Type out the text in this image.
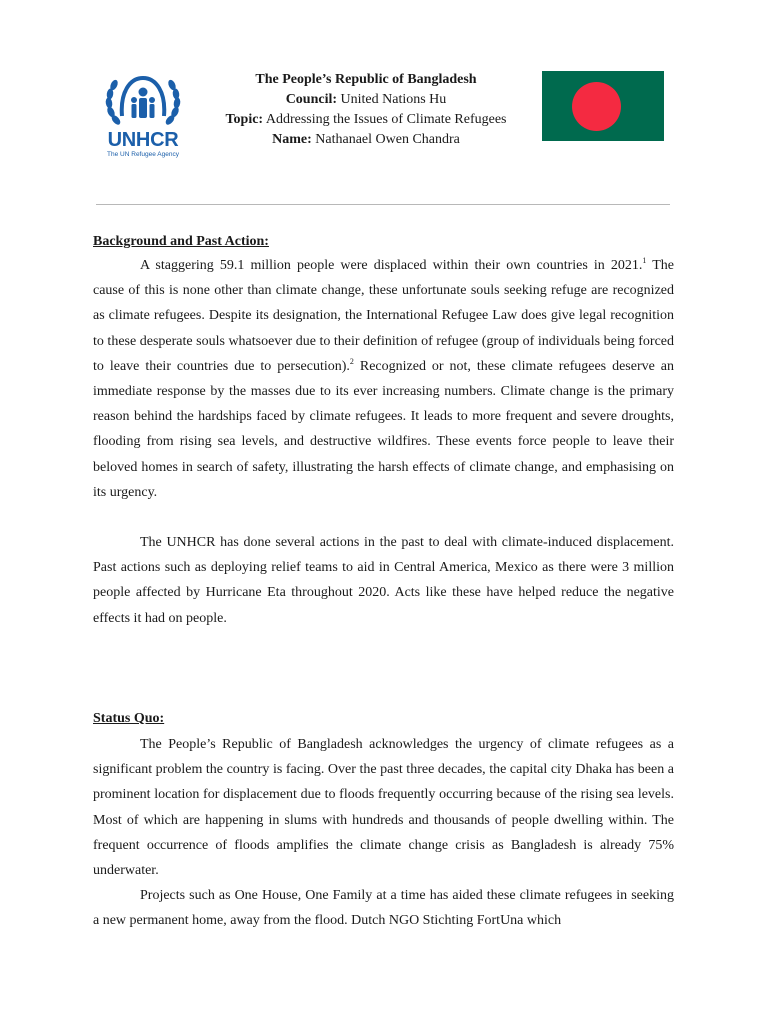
UNHCR
The UN Refugee Agency
The People’s Republic of Bangladesh
Council: United Nations Hu
Topic: Addressing the Issues of Climate Refugees
Name: Nathanael Owen Chandra
Background and Past Action:

A staggering 59.1 million people were displaced within their own countries in 2021.$^1$ The cause of this is none other than climate change, these unfortunate souls seeking refuge are recognized as climate refugees. Despite its designation, the International Refugee Law does give legal recognition to these desperate souls whatsoever due to their definition of refugee (group of individuals being forced to leave their countries due to persecution).$^2$ Recognized or not, these climate refugees deserve an immediate response by the masses due to its ever increasing numbers. Climate change is the primary reason behind the hardships faced by climate refugees. It leads to more frequent and severe droughts, flooding from rising sea levels, and destructive wildfires. These events force people to leave their beloved homes in search of safety, illustrating the harsh effects of climate change, and emphasising on its urgency.

The UNHCR has done several actions in the past to deal with climate-induced displacement. Past actions such as deploying relief teams to aid in Central America, Mexico as there were 3 million people affected by Hurricane Eta throughout 2020. Acts like these have helped reduce the negative effects it had on people.

Status Quo:

The People’s Republic of Bangladesh acknowledges the urgency of climate refugees as a significant problem the country is facing. Over the past three decades, the capital city Dhaka has been a prominent location for displacement due to floods frequently occurring because of the rising sea levels. Most of which are happening in slums with hundreds and thousands of people dwelling within. The frequent occurrence of floods amplifies the climate change crisis as Bangladesh is already 75% underwater.

Projects such as One House, One Family at a time has aided these climate refugees in seeking a new permanent home, away from the flood. Dutch NGO Stichting FortUna which
